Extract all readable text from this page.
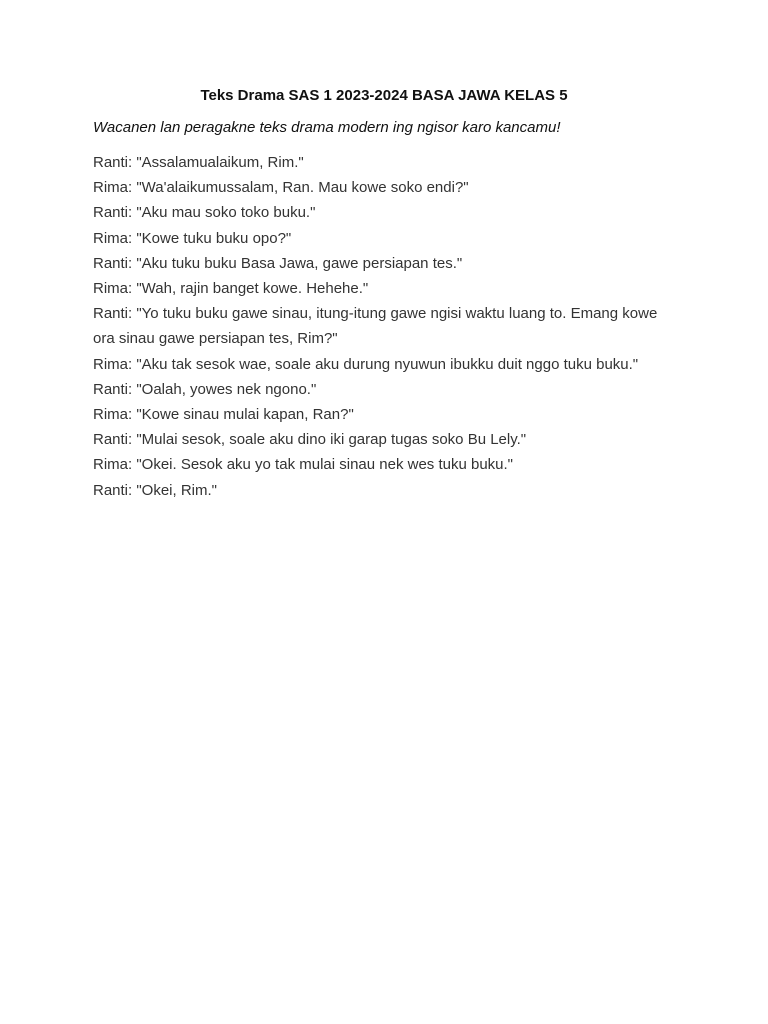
Teks Drama SAS 1 2023-2024 BASA JAWA KELAS 5
Wacanen lan peragakne teks drama modern ing ngisor karo kancamu!
Ranti: "Assalamualaikum, Rim."
Rima: "Wa'alaikumussalam, Ran. Mau kowe soko endi?"
Ranti: "Aku mau soko toko buku."
Rima: "Kowe tuku buku opo?"
Ranti: "Aku tuku buku Basa Jawa, gawe persiapan tes."
Rima: "Wah, rajin banget kowe. Hehehe."
Ranti: "Yo tuku buku gawe sinau, itung-itung gawe ngisi waktu luang to. Emang kowe ora sinau gawe persiapan tes, Rim?"
Rima: "Aku tak sesok wae, soale aku durung nyuwun ibukku duit nggo tuku buku."
Ranti: "Oalah, yowes nek ngono."
Rima: "Kowe sinau mulai kapan, Ran?"
Ranti: "Mulai sesok, soale aku dino iki garap tugas soko Bu Lely."
Rima: "Okei. Sesok aku yo tak mulai sinau nek wes tuku buku."
Ranti: "Okei, Rim."
